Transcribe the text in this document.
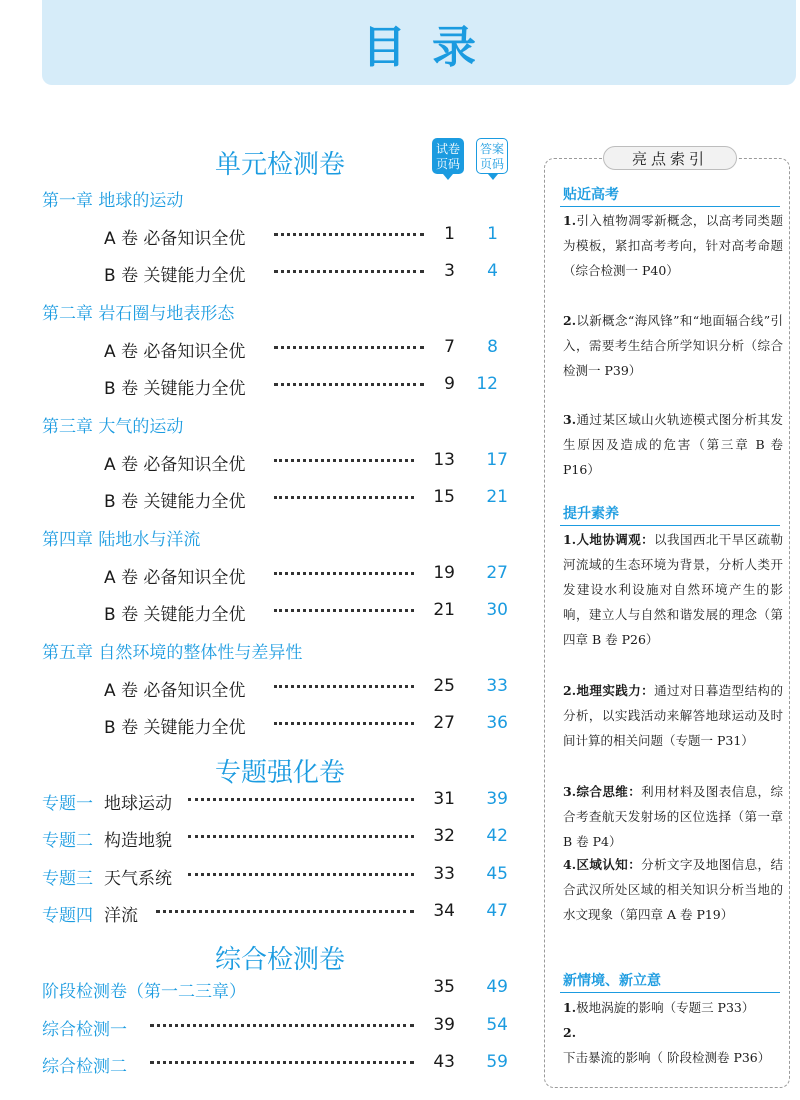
目录
单元检测卷
试卷
页码
答案
页码
第一章 地球的运动
A 卷 必备知识全优	1	1
B 卷 关键能力全优	3	4
第二章 岩石圈与地表形态
A 卷 必备知识全优	7	8
B 卷 关键能力全优	9	12
第三章 大气的运动
A 卷 必备知识全优	13	17
B 卷 关键能力全优	15	21
第四章 陆地水与洋流
A 卷 必备知识全优	19	27
B 卷 关键能力全优	21	30
第五章 自然环境的整体性与差异性
A 卷 必备知识全优	25	33
B 卷 关键能力全优	27	36
专题强化卷
专题一 地球运动	31	39
专题二 构造地貌	32	42
专题三 天气系统	33	45
专题四 洋流	34	47
综合检测卷
阶段检测卷（第一二三章）	35	49
综合检测一	39	54
综合检测二	43	59
亮点索引
贴近高考
1.引入植物凋零新概念，以高考同类题为模板，紧扣高考考向，针对高考命题（综合检测一 P40）
2.以新概念“海风锋”和“地面辐合线”引入，需要考生结合所学知识分析（综合检测一 P39）
3.通过某区域山火轨迹模式图分析其发生原因及造成的危害（第三章 B 卷 P16）
提升素养
1.人地协调观：以我国西北干旱区疏勒河流域的生态环境为背景，分析人类开发建设水利设施对自然环境产生的影响，建立人与自然和谐发展的理念（第四章 B 卷 P26）
2.地理实践力：通过对日暮造型结构的分析，以实践活动来解答地球运动及时间计算的相关问题（专题一 P31）
3.综合思维：利用材料及图表信息，综合考查航天发射场的区位选择（第一章 B 卷 P4）
4.区域认知：分析文字及地图信息，结合武汉所处区域的相关知识分析当地的水文现象（第四章 A 卷 P19）
新情境、新立意
1.极地涡旋的影响（专题三 P33）
2.下击暴流的影响（ 阶段检测卷 P36）
